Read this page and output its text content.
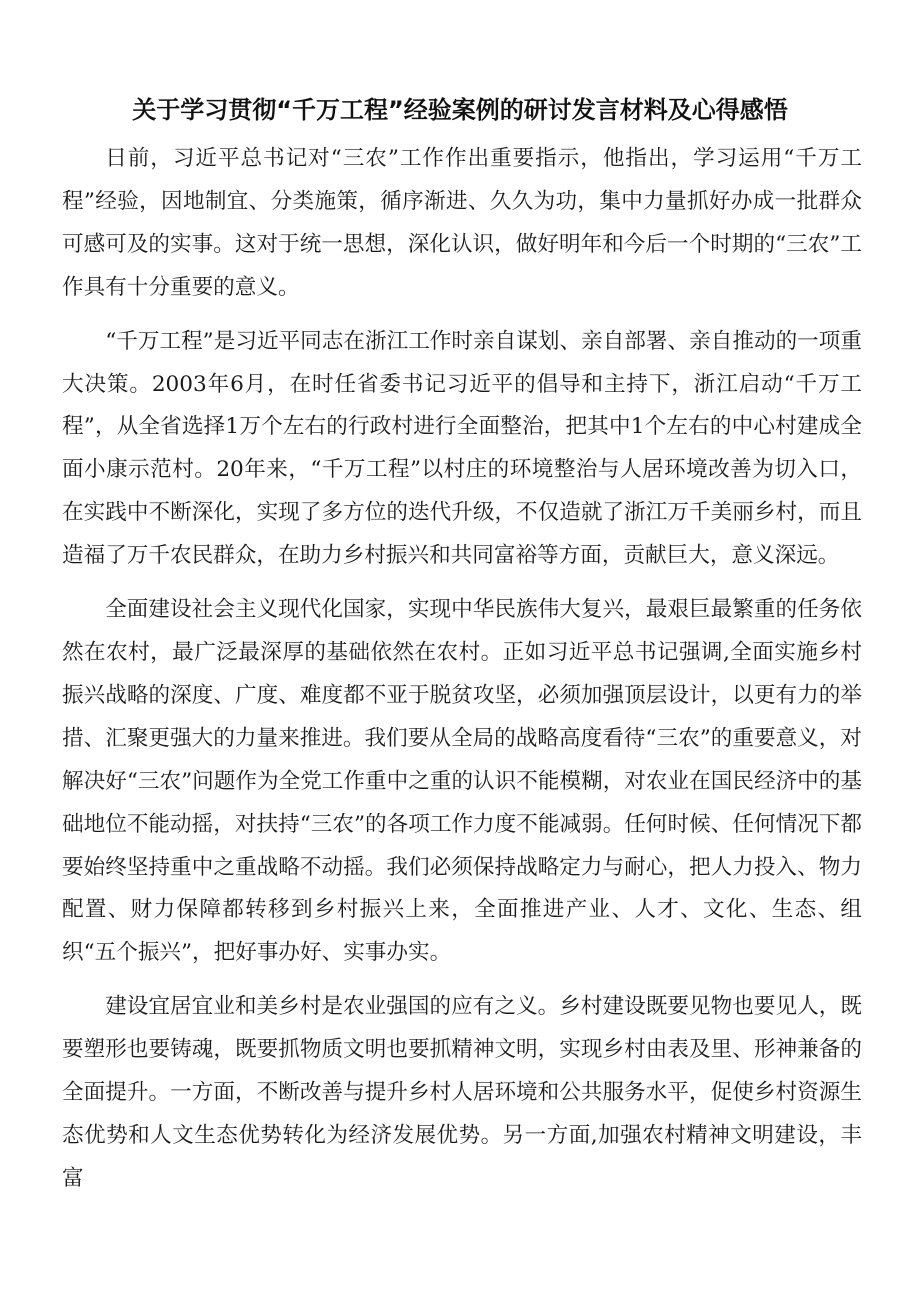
关于学习贯彻“千万工程”经验案例的研讨发言材料及心得感悟

日前，习近平总书记对“三农”工作作出重要指示，他指出，学习运用“千万工程”经验，因地制宜、分类施策，循序渐进、久久为功，集中力量抓好办成一批群众可感可及的实事。这对于统一思想，深化认识，做好明年和今后一个时期的“三农”工作具有十分重要的意义。

“千万工程”是习近平同志在浙江工作时亲自谋划、亲自部署、亲自推动的一项重大决策。2003年6月，在时任省委书记习近平的倡导和主持下，浙江启动“千万工程”，从全省选择1万个左右的行政村进行全面整治，把其中1个左右的中心村建成全面小康示范村。20年来，“千万工程”以村庄的环境整治与人居环境改善为切入口，在实践中不断深化，实现了多方位的迭代升级，不仅造就了浙江万千美丽乡村，而且造福了万千农民群众，在助力乡村振兴和共同富裕等方面，贡献巨大，意义深远。

全面建设社会主义现代化国家，实现中华民族伟大复兴，最艰巨最繁重的任务依然在农村，最广泛最深厚的基础依然在农村。正如习近平总书记强调,全面实施乡村振兴战略的深度、广度、难度都不亚于脱贫攻坚，必须加强顶层设计，以更有力的举措、汇聚更强大的力量来推进。我们要从全局的战略高度看待“三农”的重要意义，对解决好“三农”问题作为全党工作重中之重的认识不能模糊，对农业在国民经济中的基础地位不能动摇，对扶持“三农”的各项工作力度不能减弱。任何时候、任何情况下都要始终坚持重中之重战略不动摇。我们必须保持战略定力与耐心，把人力投入、物力配置、财力保障都转移到乡村振兴上来，全面推进产业、人才、文化、生态、组织“五个振兴”，把好事办好、实事办实。

建设宜居宜业和美乡村是农业强国的应有之义。乡村建设既要见物也要见人，既要塑形也要铸魂，既要抓物质文明也要抓精神文明，实现乡村由表及里、形神兼备的全面提升。一方面，不断改善与提升乡村人居环境和公共服务水平，促使乡村资源生态优势和人文生态优势转化为经济发展优势。另一方面,加强农村精神文明建设，丰富
